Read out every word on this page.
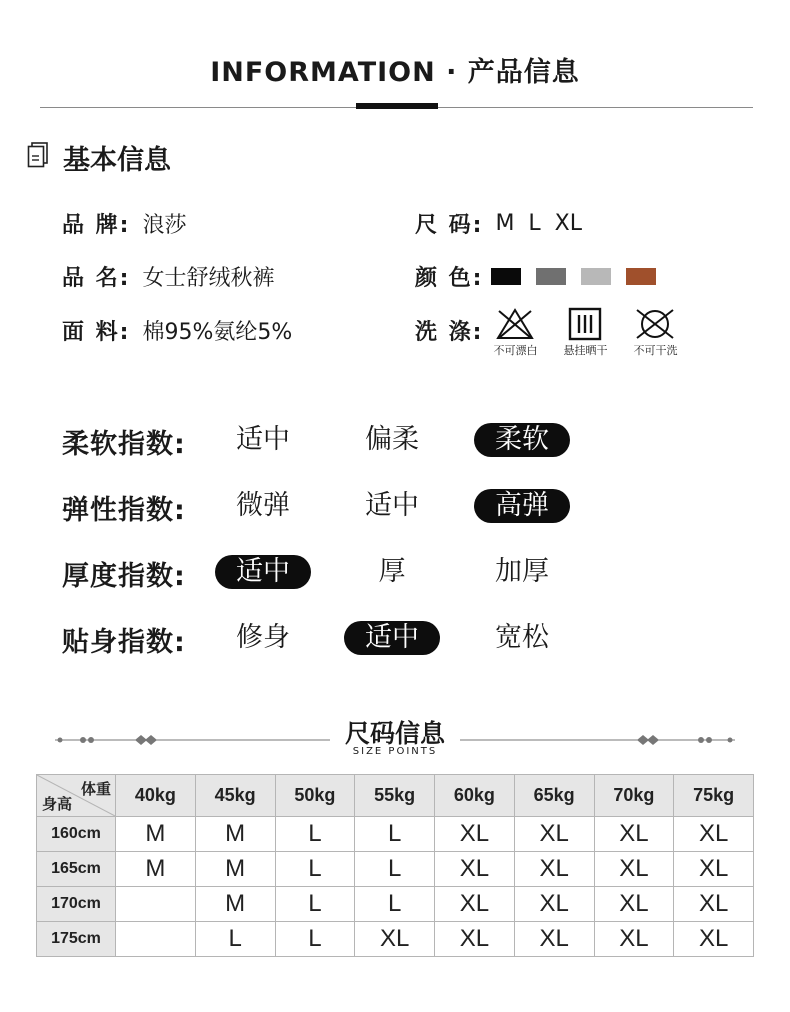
INFORMATION · 产品信息
基本信息
品 牌: 浪莎
品 名: 女士舒绒秋裤
面 料: 棉95%氨纶5%
尺 码: M  L  XL
颜 色:
洗 涤:
不可漂白 悬挂晒干 不可干洗
柔软指数:	适中	偏柔	柔软
弹性指数:	微弹	适中	高弹
厚度指数:	适中	厚	加厚
贴身指数:	修身	适中	宽松
尺码信息
SIZE POINTS
体重
身高	40kg	45kg	50kg	55kg	60kg	65kg	70kg	75kg
160cm	M	M	L	L	XL	XL	XL	XL
165cm	M	M	L	L	XL	XL	XL	XL
170cm		M	L	L	XL	XL	XL	XL
175cm		L	L	XL	XL	XL	XL	XL
